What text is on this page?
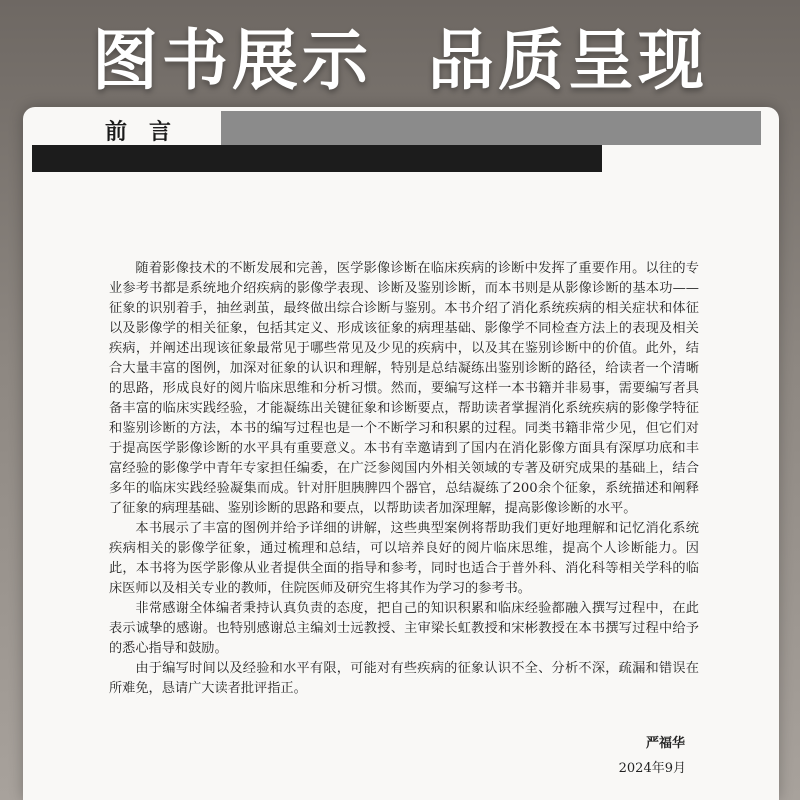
图书展示 品质呈现
前言

随着影像技术的不断发展和完善，医学影像诊断在临床疾病的诊断中发挥了重要作用。以往的专业参考书都是系统地介绍疾病的影像学表现、诊断及鉴别诊断，而本书则是从影像诊断的基本功——征象的识别着手，抽丝剥茧，最终做出综合诊断与鉴别。本书介绍了消化系统疾病的相关症状和体征以及影像学的相关征象，包括其定义、形成该征象的病理基础、影像学不同检查方法上的表现及相关疾病，并阐述出现该征象最常见于哪些常见及少见的疾病中，以及其在鉴别诊断中的价值。此外，结合大量丰富的图例，加深对征象的认识和理解，特别是总结凝练出鉴别诊断的路径，给读者一个清晰的思路，形成良好的阅片临床思维和分析习惯。然而，要编写这样一本书籍并非易事，需要编写者具备丰富的临床实践经验，才能凝练出关键征象和诊断要点，帮助读者掌握消化系统疾病的影像学特征和鉴别诊断的方法，本书的编写过程也是一个不断学习和积累的过程。同类书籍非常少见，但它们对于提高医学影像诊断的水平具有重要意义。本书有幸邀请到了国内在消化影像方面具有深厚功底和丰富经验的影像学中青年专家担任编委，在广泛参阅国内外相关领域的专著及研究成果的基础上，结合多年的临床实践经验凝集而成。针对肝胆胰脾四个器官，总结凝练了200余个征象，系统描述和阐释了征象的病理基础、鉴别诊断的思路和要点，以帮助读者加深理解，提高影像诊断的水平。

本书展示了丰富的图例并给予详细的讲解，这些典型案例将帮助我们更好地理解和记忆消化系统疾病相关的影像学征象，通过梳理和总结，可以培养良好的阅片临床思维，提高个人诊断能力。因此，本书将为医学影像从业者提供全面的指导和参考，同时也适合于普外科、消化科等相关学科的临床医师以及相关专业的教师，住院医师及研究生将其作为学习的参考书。

非常感谢全体编者秉持认真负责的态度，把自己的知识积累和临床经验都融入撰写过程中，在此表示诚挚的感谢。也特别感谢总主编刘士远教授、主审梁长虹教授和宋彬教授在本书撰写过程中给予的悉心指导和鼓励。

由于编写时间以及经验和水平有限，可能对有些疾病的征象认识不全、分析不深，疏漏和错误在所难免，恳请广大读者批评指正。

严福华
2024年9月
